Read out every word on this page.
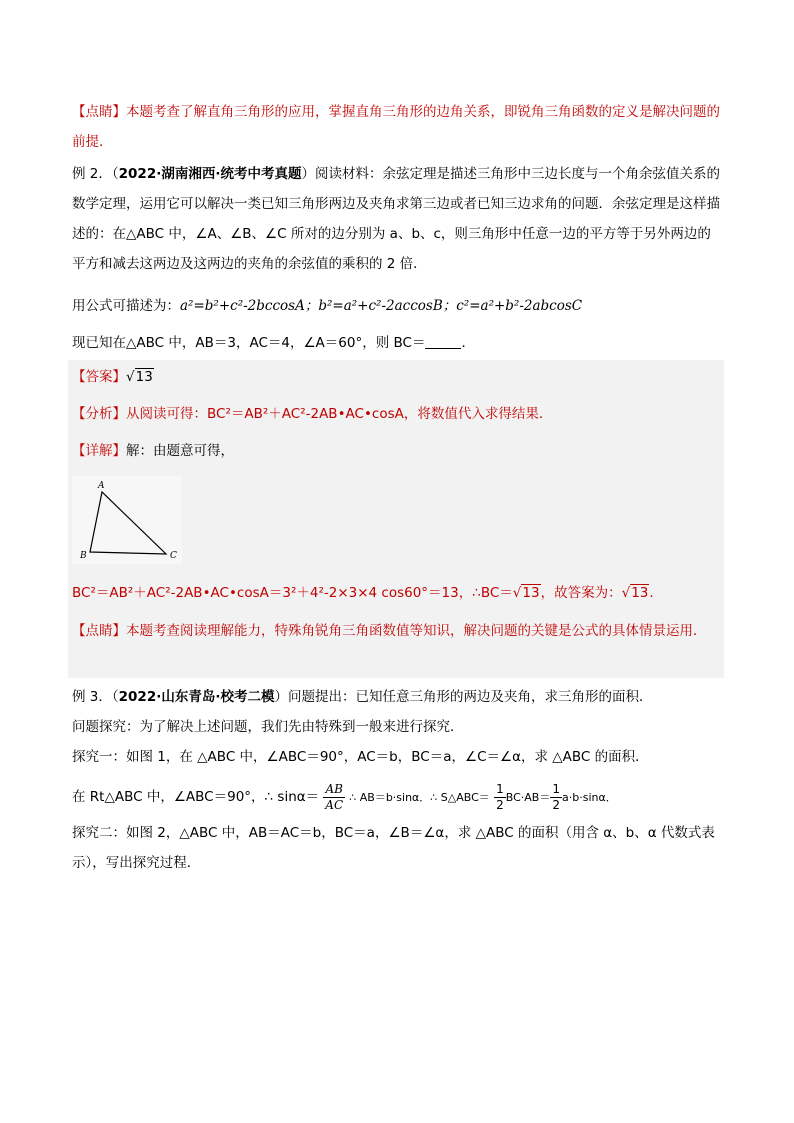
【点睛】本题考查了解直角三角形的应用，掌握直角三角形的边角关系，即锐角三角函数的定义是解决问题的前提．
例 2．（2022·湖南湘西·统考中考真题）阅读材料：余弦定理是描述三角形中三边长度与一个角余弦值关系的数学定理，运用它可以解决一类已知三角形两边及夹角求第三边或者已知三边求角的问题．余弦定理是这样描述的：在△ABC 中，∠A、∠B、∠C 所对的边分别为 a、b、c，则三角形中任意一边的平方等于另外两边的平方和减去这两边及这两边的夹角的余弦值的乘积的 2 倍．
用公式可描述为：a²=b²+c²-2bccosA；b²=a²+c²-2accosB；c²=a²+b²-2abcosC
现已知在△ABC 中，AB＝3，AC＝4，∠A＝60°，则 BC＝	．
【答案】√13
【分析】从阅读可得：BC²＝AB²＋AC²-2AB•AC•cosA，将数值代入求得结果．
【详解】解：由题意可得，
A
B	C
BC²＝AB²＋AC²-2AB•AC•cosA＝3²＋4²-2×3×4 cos60°＝13，∴BC＝√13，故答案为：√13．
【点睛】本题考查阅读理解能力，特殊角锐角三角函数值等知识，解决问题的关键是公式的具体情景运用．
例 3．（2022·山东青岛·校考二模）问题提出：已知任意三角形的两边及夹角，求三角形的面积．
问题探究：为了解决上述问题，我们先由特殊到一般来进行探究．
探究一：如图 1，在 △ABC 中，∠ABC＝90°，AC＝b，BC＝a，∠C＝∠α，求 △ABC 的面积．
在 Rt△ABC 中，∠ABC＝90°，∴ $\sin\alpha= \frac{AB}{AC}$ ∴ AB＝b·sinα．∴ S△ABC＝ $\frac{1}{2} BC\cdot AB= \frac{1}{2} a\cdot b\cdot\sin\alpha$．
探究二：如图 2，△ABC 中，AB＝AC＝b，BC＝a，∠B＝∠α，求 △ABC 的面积（用含 α、b、α 代数式表示），写出探究过程．
